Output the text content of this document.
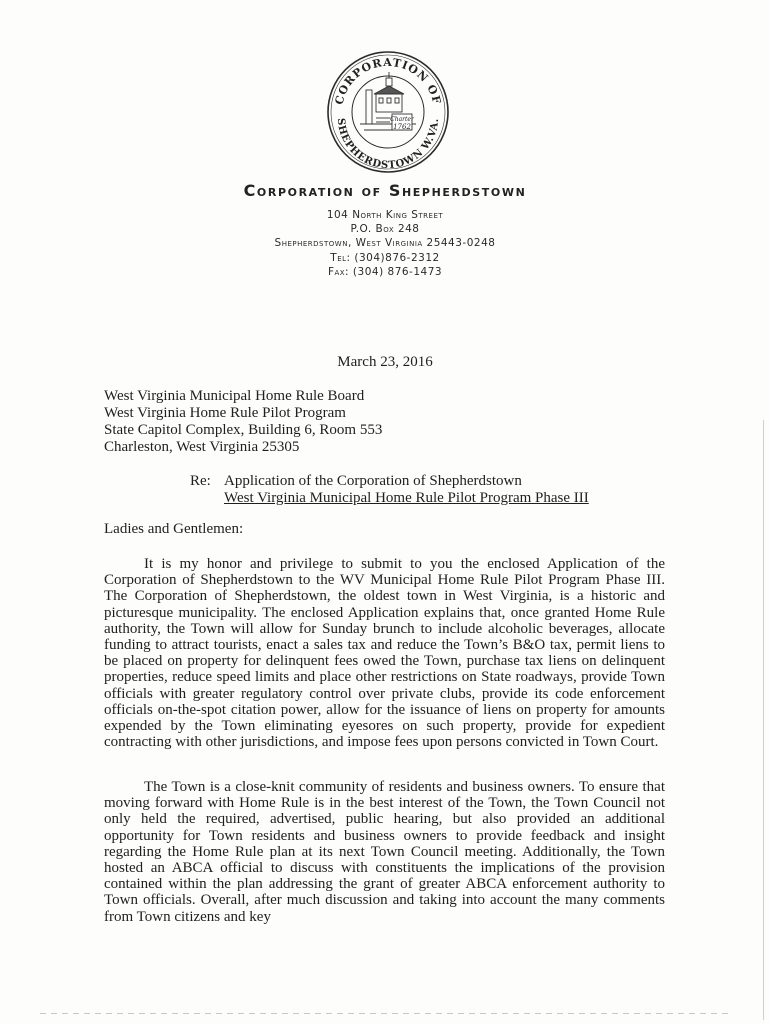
CORPORATION OF
SHEPHERDSTOWN W.VA.
Charter
1762
Corporation of Shepherdstown
104 North King Street
P.O. Box 248
Shepherdstown, West Virginia 25443-0248
Tel: (304)876-2312
Fax: (304) 876-1473
March 23, 2016
West Virginia Municipal Home Rule Board
West Virginia Home Rule Pilot Program
State Capitol Complex, Building 6, Room 553
Charleston, West Virginia 25305
Re: Application of the Corporation of Shepherdstown
West Virginia Municipal Home Rule Pilot Program Phase III
Ladies and Gentlemen:
It is my honor and privilege to submit to you the enclosed Application of the Corporation of Shepherdstown to the WV Municipal Home Rule Pilot Program Phase III. The Corporation of Shepherdstown, the oldest town in West Virginia, is a historic and picturesque municipality. The enclosed Application explains that, once granted Home Rule authority, the Town will allow for Sunday brunch to include alcoholic beverages, allocate funding to attract tourists, enact a sales tax and reduce the Town’s B&O tax, permit liens to be placed on property for delinquent fees owed the Town, purchase tax liens on delinquent properties, reduce speed limits and place other restrictions on State roadways, provide Town officials with greater regulatory control over private clubs, provide its code enforcement officials on-the-spot citation power, allow for the issuance of liens on property for amounts expended by the Town eliminating eyesores on such property, provide for expedient contracting with other jurisdictions, and impose fees upon persons convicted in Town Court.
The Town is a close-knit community of residents and business owners. To ensure that moving forward with Home Rule is in the best interest of the Town, the Town Council not only held the required, advertised, public hearing, but also provided an additional opportunity for Town residents and business owners to provide feedback and insight regarding the Home Rule plan at its next Town Council meeting. Additionally, the Town hosted an ABCA official to discuss with constituents the implications of the provision contained within the plan addressing the grant of greater ABCA enforcement authority to Town officials. Overall, after much discussion and taking into account the many comments from Town citizens and key
